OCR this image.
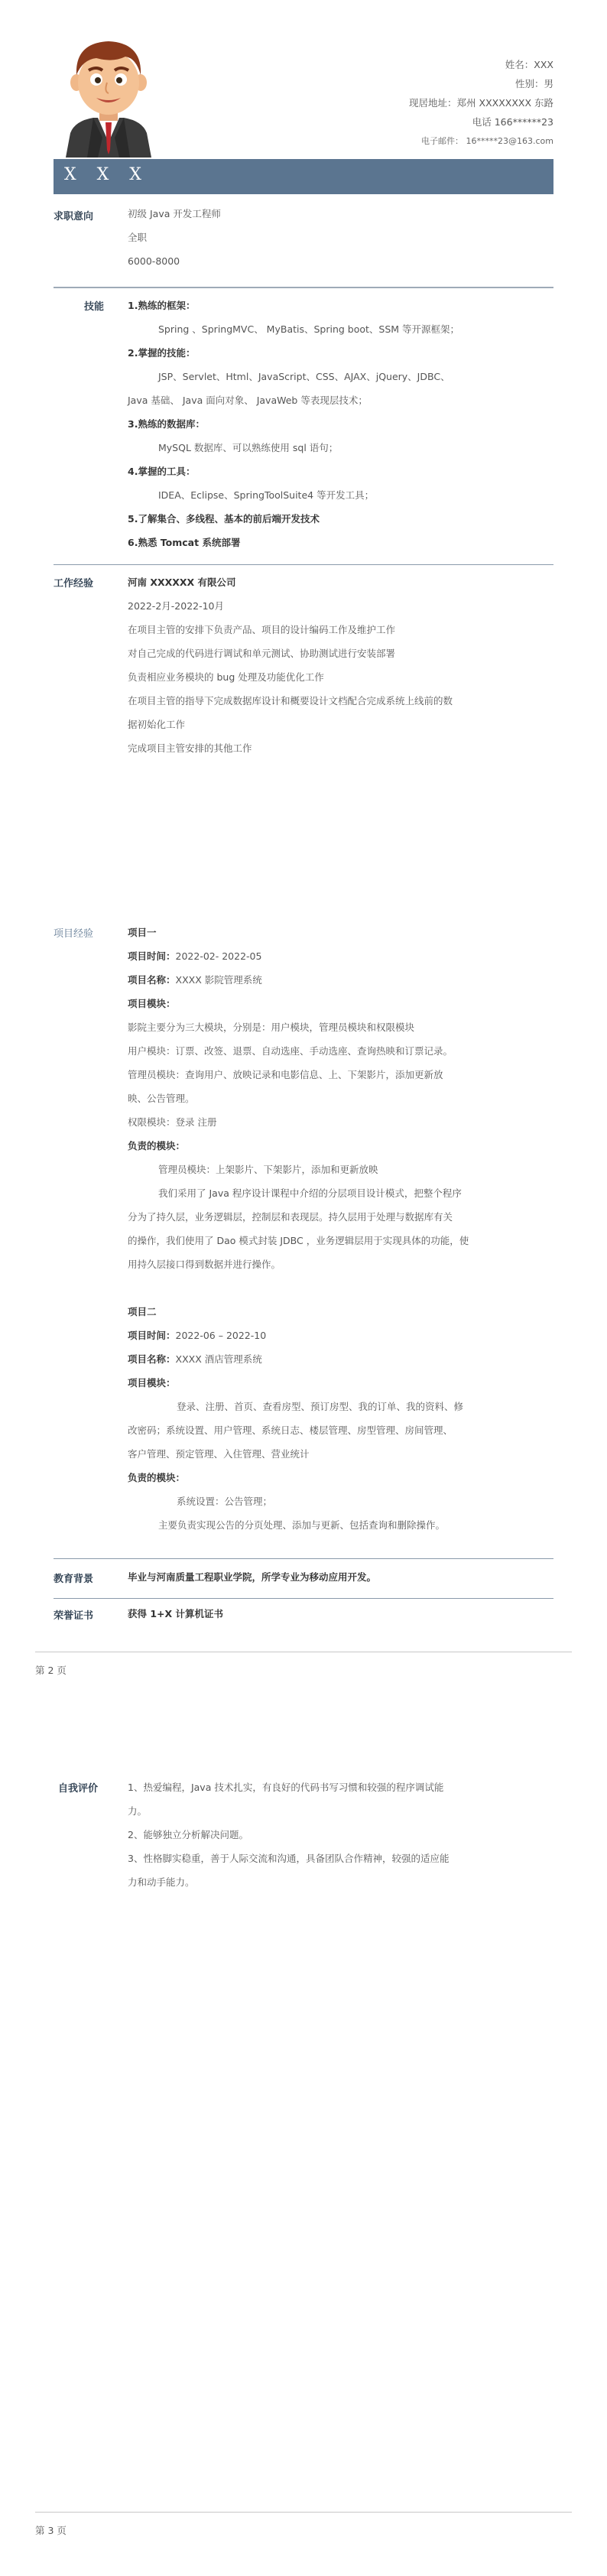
姓名：XXX
性别：男
现居地址：郑州 XXXXXXXX 东路
电话 166******23
电子邮件： 16*****23@163.com
X X X
求职意向	初级 Java 开发工程师
全职
6000-8000
技能 1.熟练的框架：
Spring 、SpringMVC、 MyBatis、Spring boot、SSM 等开源框架；
2.掌握的技能：
JSP、Servlet、Html、JavaScript、CSS、AJAX、jQuery、JDBC、
Java 基础、 Java 面向对象、 JavaWeb 等表现层技术；
3.熟练的数据库：
MySQL 数据库、可以熟练使用 sql 语句；
4.掌握的工具：
IDEA、Eclipse、SpringToolSuite4 等开发工具；
5.了解集合、多线程、基本的前后端开发技术
6.熟悉 Tomcat 系统部署
工作经验	河南 XXXXXX 有限公司
2022-2月-2022-10月
在项目主管的安排下负责产品、项目的设计编码工作及维护工作
对自己完成的代码进行调试和单元测试、协助测试进行安装部署
负责相应业务模块的 bug 处理及功能优化工作
在项目主管的指导下完成数据库设计和概要设计文档配合完成系统上线前的数
据初始化工作
完成项目主管安排的其他工作
项目经验	项目一
项目时间：2022-02- 2022-05
项目名称：XXXX 影院管理系统
项目模块：
影院主要分为三大模块，分别是：用户模块，管理员模块和权限模块
用户模块：订票、改签、退票、自动选座、手动选座、查询热映和订票记录。
管理员模块：查询用户、放映记录和电影信息、上、下架影片，添加更新放
映、公告管理。
权限模块：登录 注册
负责的模块：
管理员模块：上架影片、下架影片，添加和更新放映
我们采用了 Java 程序设计课程中介绍的分层项目设计模式，把整个程序
分为了持久层，业务逻辑层，控制层和表现层。持久层用于处理与数据库有关
的操作，我们使用了 Dao 模式封装 JDBC ，业务逻辑层用于实现具体的功能，使
用持久层接口得到数据并进行操作。
项目二
项目时间：2022-06 – 2022-10
项目名称：XXXX 酒店管理系统
项目模块：
登录、注册、首页、查看房型、预订房型、我的订单、我的资料、修
改密码；系统设置、用户管理、系统日志、楼层管理、房型管理、房间管理、
客户管理、预定管理、入住管理、营业统计
负责的模块：
系统设置：公告管理；
主要负责实现公告的分页处理、添加与更新、包括查询和删除操作。
教育背景	毕业与河南质量工程职业学院，所学专业为移动应用开发。
荣誉证书	获得 1+X 计算机证书
第 2 页
自我评价	1、热爱编程，Java 技术扎实，有良好的代码书写习惯和较强的程序调试能
力。
2、能够独立分析解决问题。
3、性格脚实稳重，善于人际交流和沟通，具备团队合作精神，较强的适应能
力和动手能力。
第 3 页
